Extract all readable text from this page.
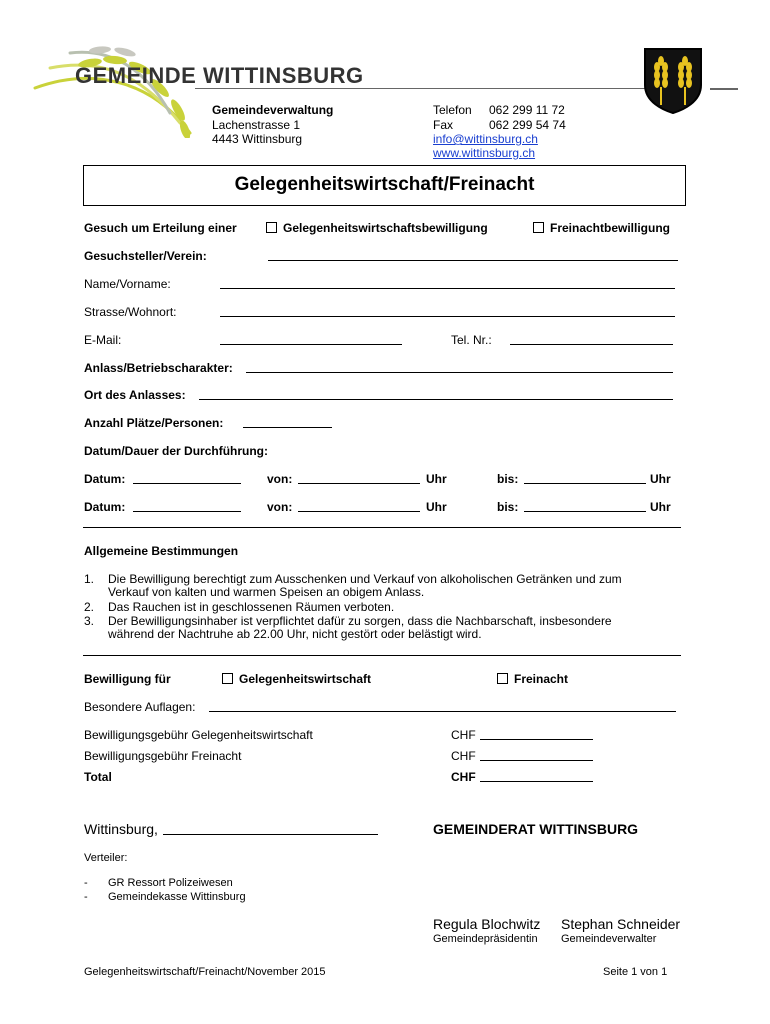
GEMEINDE WITTINSBURG
Gemeindeverwaltung
Lachenstrasse 1
4443 Wittinsburg
Telefon 062 299 11 72
Fax	062 299 54 74
info@wittinsburg.ch
www.wittinsburg.ch
Gelegenheitswirtschaft/Freinacht
Gesuch um Erteilung einer	Gelegenheitswirtschaftsbewilligung	Freinachtbewilligung
Gesuchsteller/Verein:
Name/Vorname:
Strasse/Wohnort:
E-Mail:	Tel. Nr.:
Anlass/Betriebscharakter:
Ort des Anlasses:
Anzahl Plätze/Personen:
Datum/Dauer der Durchführung:
Datum:	von:	Uhr	bis:	Uhr
Datum:	von:	Uhr	bis:	Uhr
Allgemeine Bestimmungen
1. Die Bewilligung berechtigt zum Ausschenken und Verkauf von alkoholischen Getränken und zum
Verkauf von kalten und warmen Speisen an obigem Anlass.
2. Das Rauchen ist in geschlossenen Räumen verboten.
3. Der Bewilligungsinhaber ist verpflichtet dafür zu sorgen, dass die Nachbarschaft, insbesondere
während der Nachtruhe ab 22.00 Uhr, nicht gestört oder belästigt wird.
Bewilligung für	Gelegenheitswirtschaft	Freinacht
Besondere Auflagen:
Bewilligungsgebühr Gelegenheitswirtschaft	CHF
Bewilligungsgebühr Freinacht	CHF
Total	CHF
Wittinsburg,	GEMEINDERAT WITTINSBURG
Verteiler:
- GR Ressort Polizeiwesen
- Gemeindekasse Wittinsburg
Regula Blochwitz
Gemeindepräsidentin
Stephan Schneider
Gemeindeverwalter
Gelegenheitswirtschaft/Freinacht/November 2015	Seite 1 von 1
